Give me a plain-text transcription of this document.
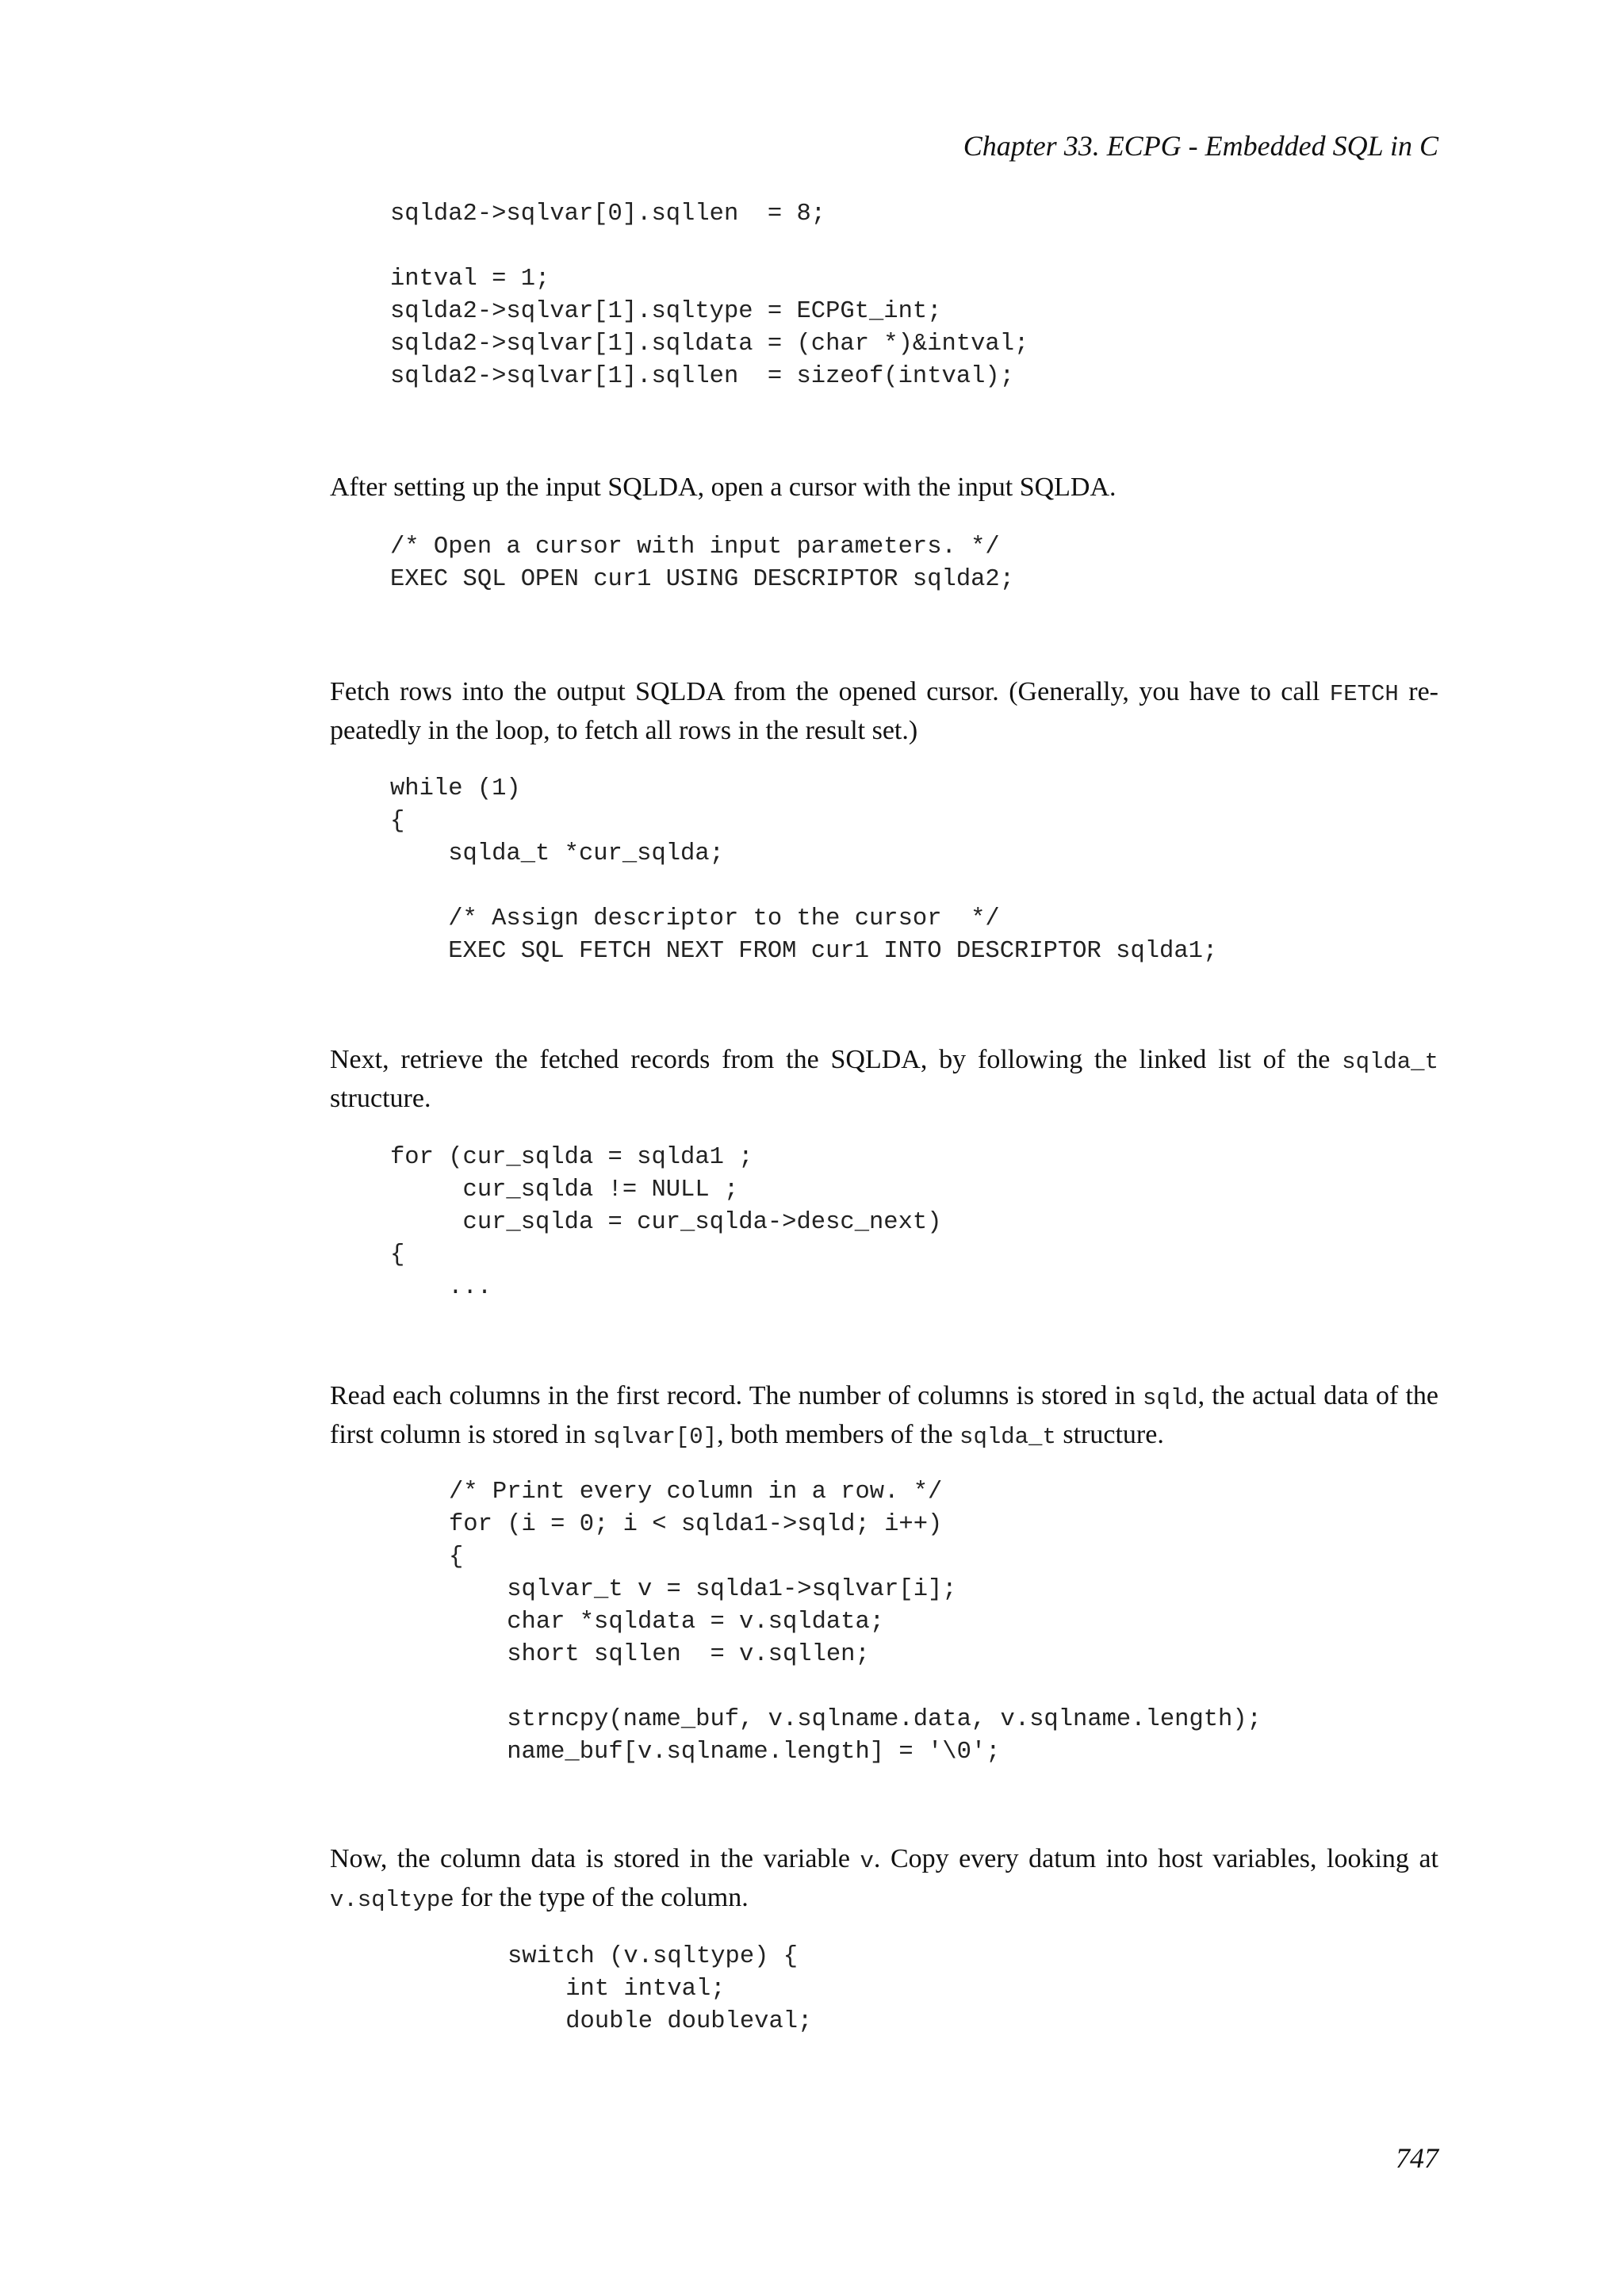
Chapter 33. ECPG - Embedded SQL in C
sqlda2->sqlvar[0].sqllen  = 8;

intval = 1;
sqlda2->sqlvar[1].sqltype = ECPGt_int;
sqlda2->sqlvar[1].sqldata = (char *)&intval;
sqlda2->sqlvar[1].sqllen  = sizeof(intval);

After setting up the input SQLDA, open a cursor with the input SQLDA.

/* Open a cursor with input parameters. */
EXEC SQL OPEN cur1 USING DESCRIPTOR sqlda2;

Fetch rows into the output SQLDA from the opened cursor. (Generally, you have to call FETCH re-peatedly in the loop, to fetch all rows in the result set.)

while (1)
{
sqlda_t *cur_sqlda;

/* Assign descriptor to the cursor  */
EXEC SQL FETCH NEXT FROM cur1 INTO DESCRIPTOR sqlda1;

Next, retrieve the fetched records from the SQLDA, by following the linked list of the sqlda_t structure.

for (cur_sqlda = sqlda1 ;
cur_sqlda != NULL ;
cur_sqlda = cur_sqlda->desc_next)
{
...

Read each columns in the first record. The number of columns is stored in sqld, the actual data of the first column is stored in sqlvar[0], both members of the sqlda_t structure.

/* Print every column in a row. */
for (i = 0; i < sqlda1->sqld; i++)
{
sqlvar_t v = sqlda1->sqlvar[i];
char *sqldata = v.sqldata;
short sqllen  = v.sqllen;

strncpy(name_buf, v.sqlname.data, v.sqlname.length);
name_buf[v.sqlname.length] = '\0';

Now, the column data is stored in the variable v. Copy every datum into host variables, looking at v.sqltype for the type of the column.

switch (v.sqltype) {
int intval;
double doubleval;
747
